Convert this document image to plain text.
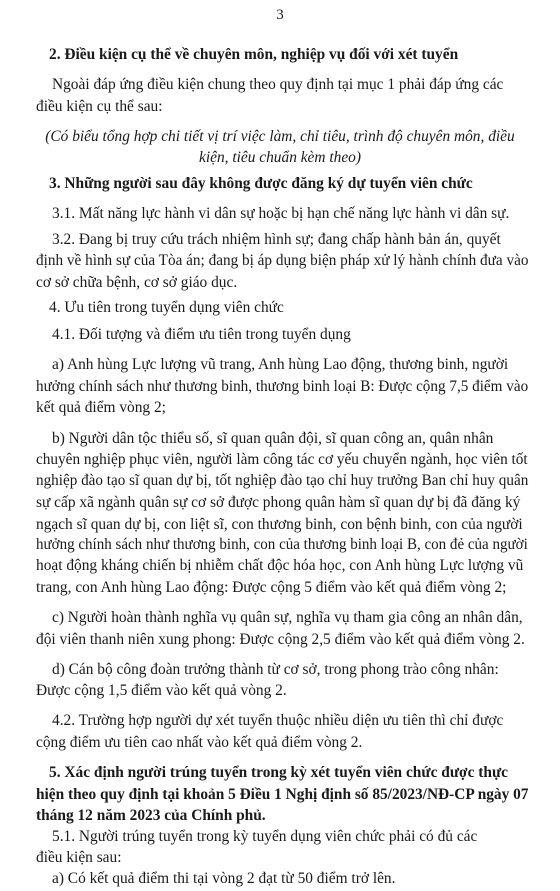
3
2. Điều kiện cụ thể về chuyên môn, nghiệp vụ đối với xét tuyển
Ngoài đáp ứng điều kiện chung theo quy định tại mục 1 phải đáp ứng các
điều kiện cụ thể sau:
(Có biểu tổng hợp chi tiết vị trí việc làm, chỉ tiêu, trình độ chuyên môn, điều
kiện, tiêu chuẩn kèm theo)
3. Những người sau đây không được đăng ký dự tuyển viên chức
3.1. Mất năng lực hành vi dân sự hoặc bị hạn chế năng lực hành vi dân sự.
3.2. Đang bị truy cứu trách nhiệm hình sự; đang chấp hành bản án, quyết
định về hình sự của Tòa án; đang bị áp dụng biện pháp xử lý hành chính đưa vào
cơ sở chữa bệnh, cơ sở giáo dục.
4. Ưu tiên trong tuyển dụng viên chức
4.1. Đối tượng và điểm ưu tiên trong tuyển dụng
a) Anh hùng Lực lượng vũ trang, Anh hùng Lao động, thương binh, người
hưởng chính sách như thương binh, thương binh loại B: Được cộng 7,5 điểm vào
kết quả điểm vòng 2;
b) Người dân tộc thiểu số, sĩ quan quân đội, sĩ quan công an, quân nhân
chuyên nghiệp phục viên, người làm công tác cơ yếu chuyển ngành, học viên tốt
nghiệp đào tạo sĩ quan dự bị, tốt nghiệp đào tạo chỉ huy trưởng Ban chỉ huy quân
sự cấp xã ngành quân sự cơ sở được phong quân hàm sĩ quan dự bị đã đăng ký
ngạch sĩ quan dự bị, con liệt sĩ, con thương binh, con bệnh binh, con của người
hưởng chính sách như thương binh, con của thương binh loại B, con đẻ của người
hoạt động kháng chiến bị nhiễm chất độc hóa học, con Anh hùng Lực lượng vũ
trang, con Anh hùng Lao động: Được cộng 5 điểm vào kết quả điểm vòng 2;
c) Người hoàn thành nghĩa vụ quân sự, nghĩa vụ tham gia công an nhân dân,
đội viên thanh niên xung phong: Được cộng 2,5 điểm vào kết quả điểm vòng 2.
d) Cán bộ công đoàn trưởng thành từ cơ sở, trong phong trào công nhân:
Được cộng 1,5 điểm vào kết quả vòng 2.
4.2. Trường hợp người dự xét tuyển thuộc nhiều diện ưu tiên thì chỉ được
cộng điểm ưu tiên cao nhất vào kết quả điểm vòng 2.
5. Xác định người trúng tuyển trong kỳ xét tuyển viên chức được thực
hiện theo quy định tại khoản 5 Điều 1 Nghị định số 85/2023/NĐ-CP ngày 07
tháng 12 năm 2023 của Chính phủ.
5.1. Người trúng tuyển trong kỳ tuyển dụng viên chức phải có đủ các
điều kiện sau:
a) Có kết quả điểm thi tại vòng 2 đạt từ 50 điểm trở lên.
